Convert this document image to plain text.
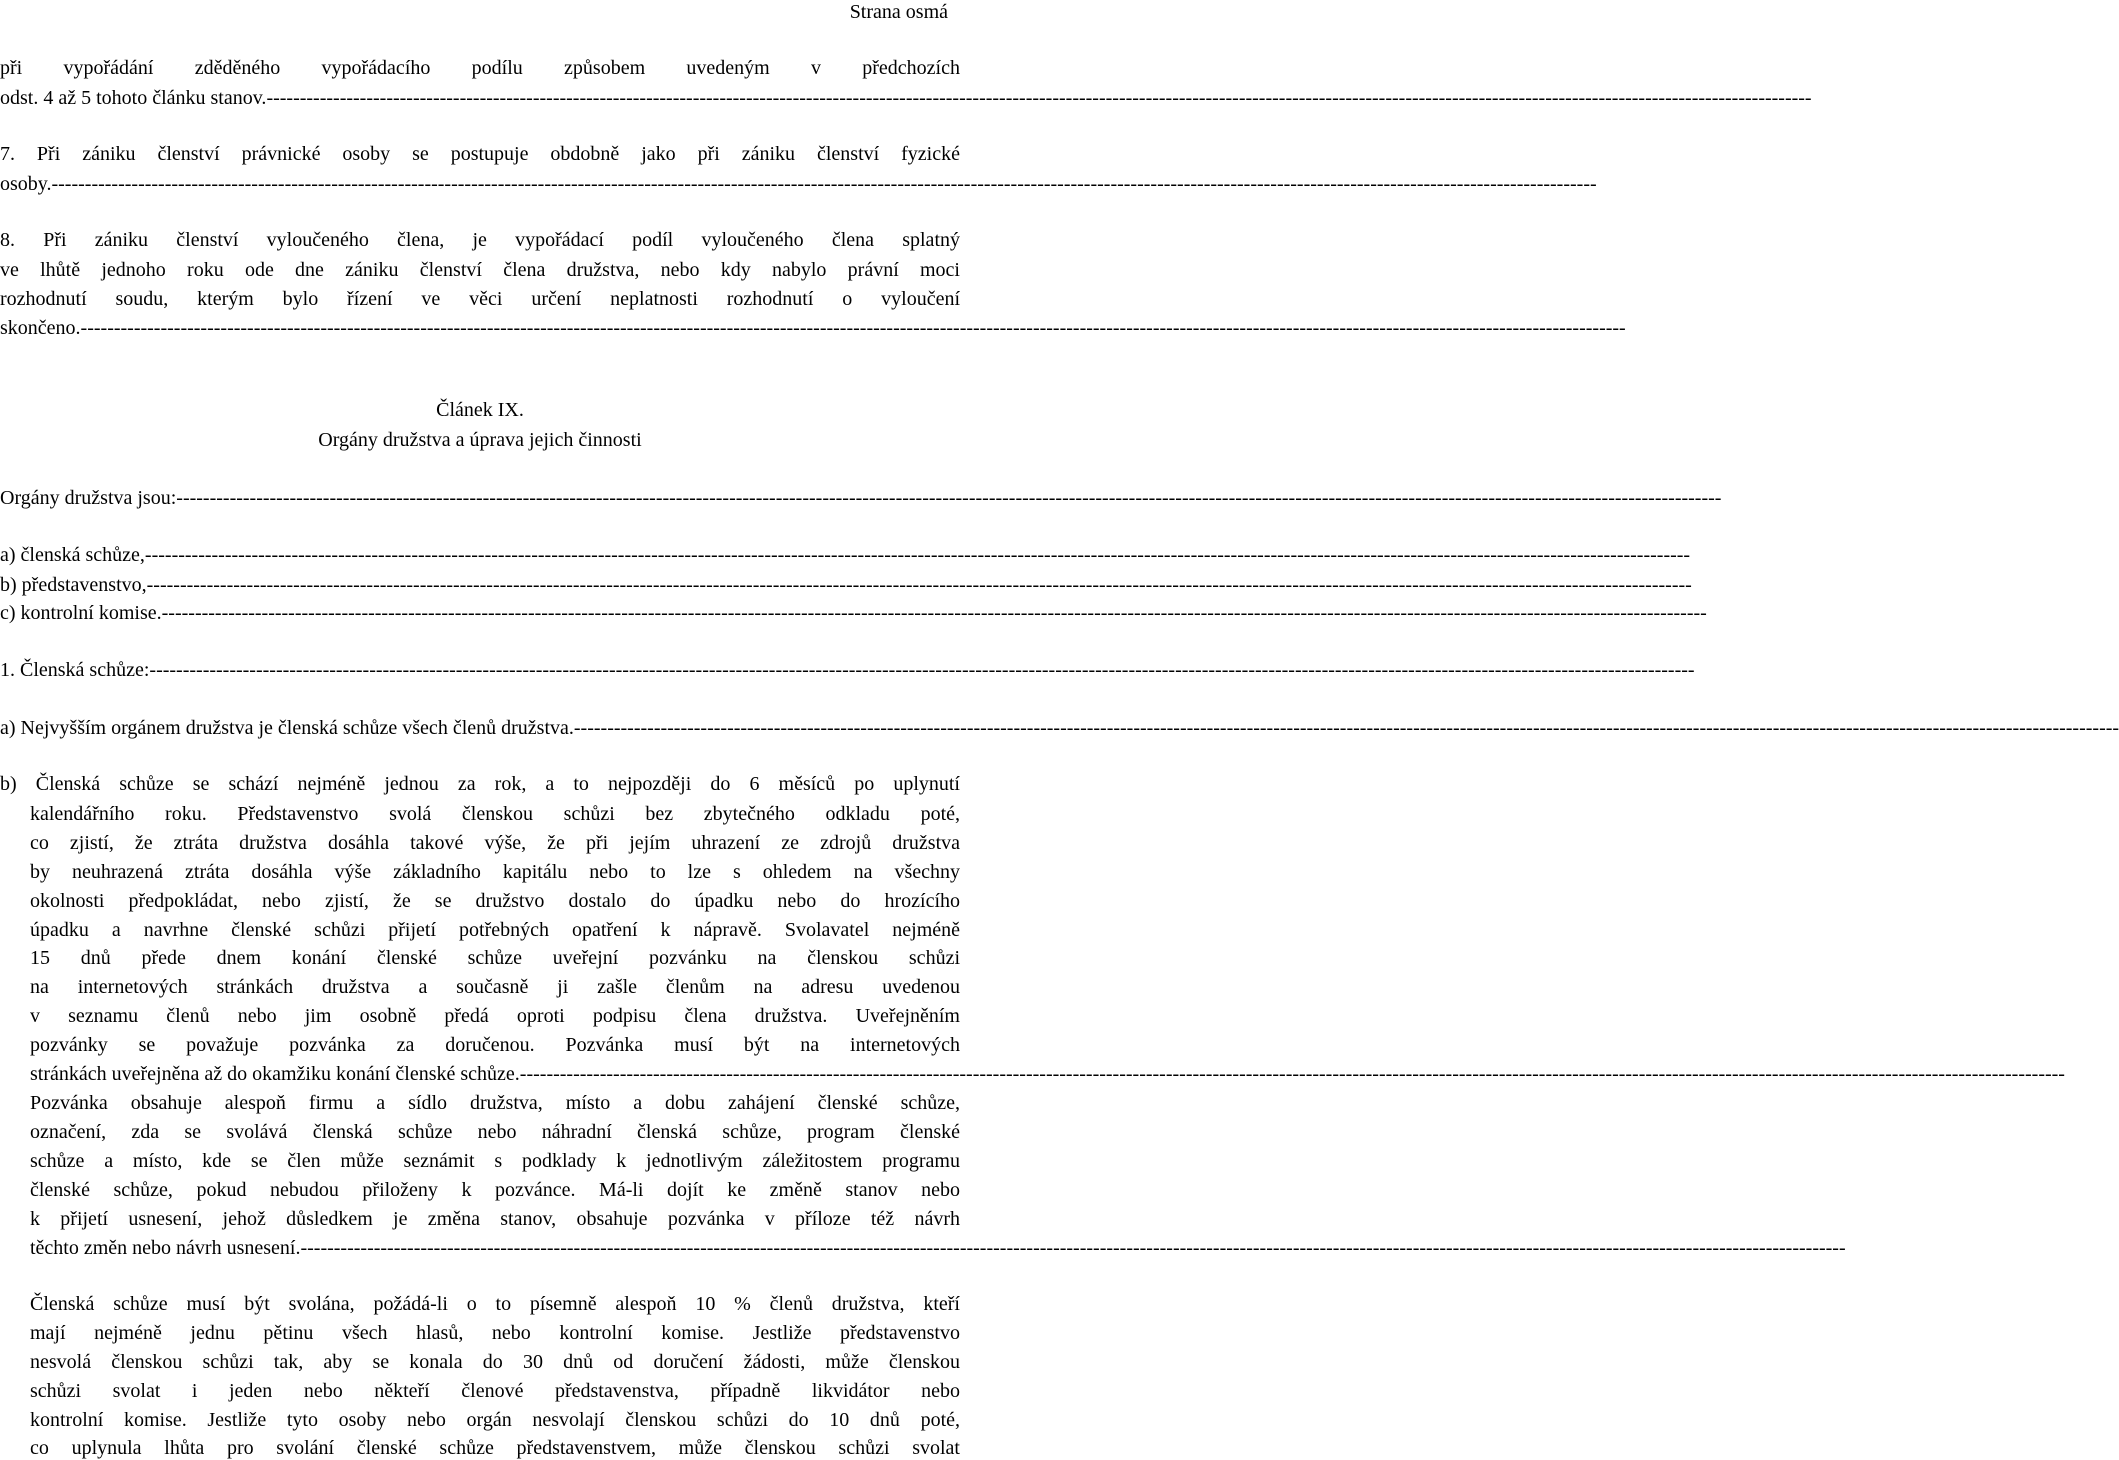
Strana osmá
při vypořádání zděděného vypořádacího podílu způsobem uvedeným v předchozích
odst. 4 až 5 tohoto článku stanov. ----------------------------------------------------------------------------------------------------------------------------------------------------------------------------------------------------------------------------------------
7. Při zániku členství právnické osoby se postupuje obdobně jako při zániku členství fyzické
osoby. ----------------------------------------------------------------------------------------------------------------------------------------------------------------------------------------------------------------------------------------
8. Při zániku členství vyloučeného člena, je vypořádací podíl vyloučeného člena splatný
ve lhůtě jednoho roku ode dne zániku členství člena družstva, nebo kdy nabylo právní moci
rozhodnutí soudu, kterým bylo řízení ve věci určení neplatnosti rozhodnutí o vyloučení
skončeno. ----------------------------------------------------------------------------------------------------------------------------------------------------------------------------------------------------------------------------------------
Článek IX.
Orgány družstva a úprava jejich činnosti
Orgány družstva jsou: ----------------------------------------------------------------------------------------------------------------------------------------------------------------------------------------------------------------------------------------
a) členská schůze, ----------------------------------------------------------------------------------------------------------------------------------------------------------------------------------------------------------------------------------------
b) představenstvo, ----------------------------------------------------------------------------------------------------------------------------------------------------------------------------------------------------------------------------------------
c) kontrolní komise. ----------------------------------------------------------------------------------------------------------------------------------------------------------------------------------------------------------------------------------------
1. Členská schůze: ----------------------------------------------------------------------------------------------------------------------------------------------------------------------------------------------------------------------------------------
a) Nejvyšším orgánem družstva je členská schůze všech členů družstva. ----------------------------------------------------------------------------------------------------------------------------------------------------------------------------------------------------------------------------------------
b) Členská schůze se schází nejméně jednou za rok, a to nejpozději do 6 měsíců po uplynutí
kalendářního roku. Představenstvo svolá členskou schůzi bez zbytečného odkladu poté,
co zjistí, že ztráta družstva dosáhla takové výše, že při jejím uhrazení ze zdrojů družstva
by neuhrazená ztráta dosáhla výše základního kapitálu nebo to lze s ohledem na všechny
okolnosti předpokládat, nebo zjistí, že se družstvo dostalo do úpadku nebo do hrozícího
úpadku a navrhne členské schůzi přijetí potřebných opatření k nápravě. Svolavatel nejméně
15 dnů přede dnem konání členské schůze uveřejní pozvánku na členskou schůzi
na internetových stránkách družstva a současně ji zašle členům na adresu uvedenou
v seznamu členů nebo jim osobně předá oproti podpisu člena družstva. Uveřejněním
pozvánky se považuje pozvánka za doručenou. Pozvánka musí být na internetových
stránkách uveřejněna až do okamžiku konání členské schůze. ----------------------------------------------------------------------------------------------------------------------------------------------------------------------------------------------------------------------------------------
Pozvánka obsahuje alespoň firmu a sídlo družstva, místo a dobu zahájení členské schůze,
označení, zda se svolává členská schůze nebo náhradní členská schůze, program členské
schůze a místo, kde se člen může seznámit s podklady k jednotlivým záležitostem programu
členské schůze, pokud nebudou přiloženy k pozvánce. Má-li dojít ke změně stanov nebo
k přijetí usnesení, jehož důsledkem je změna stanov, obsahuje pozvánka v příloze též návrh
těchto změn nebo návrh usnesení. ----------------------------------------------------------------------------------------------------------------------------------------------------------------------------------------------------------------------------------------
Členská schůze musí být svolána, požádá-li o to písemně alespoň 10 % členů družstva, kteří
mají nejméně jednu pětinu všech hlasů, nebo kontrolní komise. Jestliže představenstvo
nesvolá členskou schůzi tak, aby se konala do 30 dnů od doručení žádosti, může členskou
schůzi svolat i jeden nebo někteří členové představenstva, případně likvidátor nebo
kontrolní komise. Jestliže tyto osoby nebo orgán nesvolají členskou schůzi do 10 dnů poté,
co uplynula lhůta pro svolání členské schůze představenstvem, může členskou schůzi svolat
